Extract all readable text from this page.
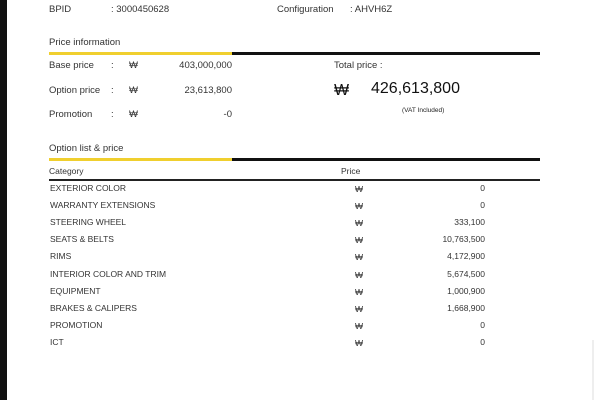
BPID	: 3000450628	Configuration : AHVH6Z
Price information
Base price : ₩	403,000,000
Option price : ₩	23,613,800
Promotion : ₩	-0
Total price :
₩ 426,613,800
(VAT Included)
Option list & price
Category	Price
EXTERIOR COLOR	₩	0
WARRANTY EXTENSIONS	₩	0
STEERING WHEEL	₩	333,100
SEATS & BELTS	₩	10,763,500
RIMS	₩	4,172,900
INTERIOR COLOR AND TRIM	₩	5,674,500
EQUIPMENT	₩	1,000,900
BRAKES & CALIPERS	₩	1,668,900
PROMOTION	₩	0
ICT	₩	0
